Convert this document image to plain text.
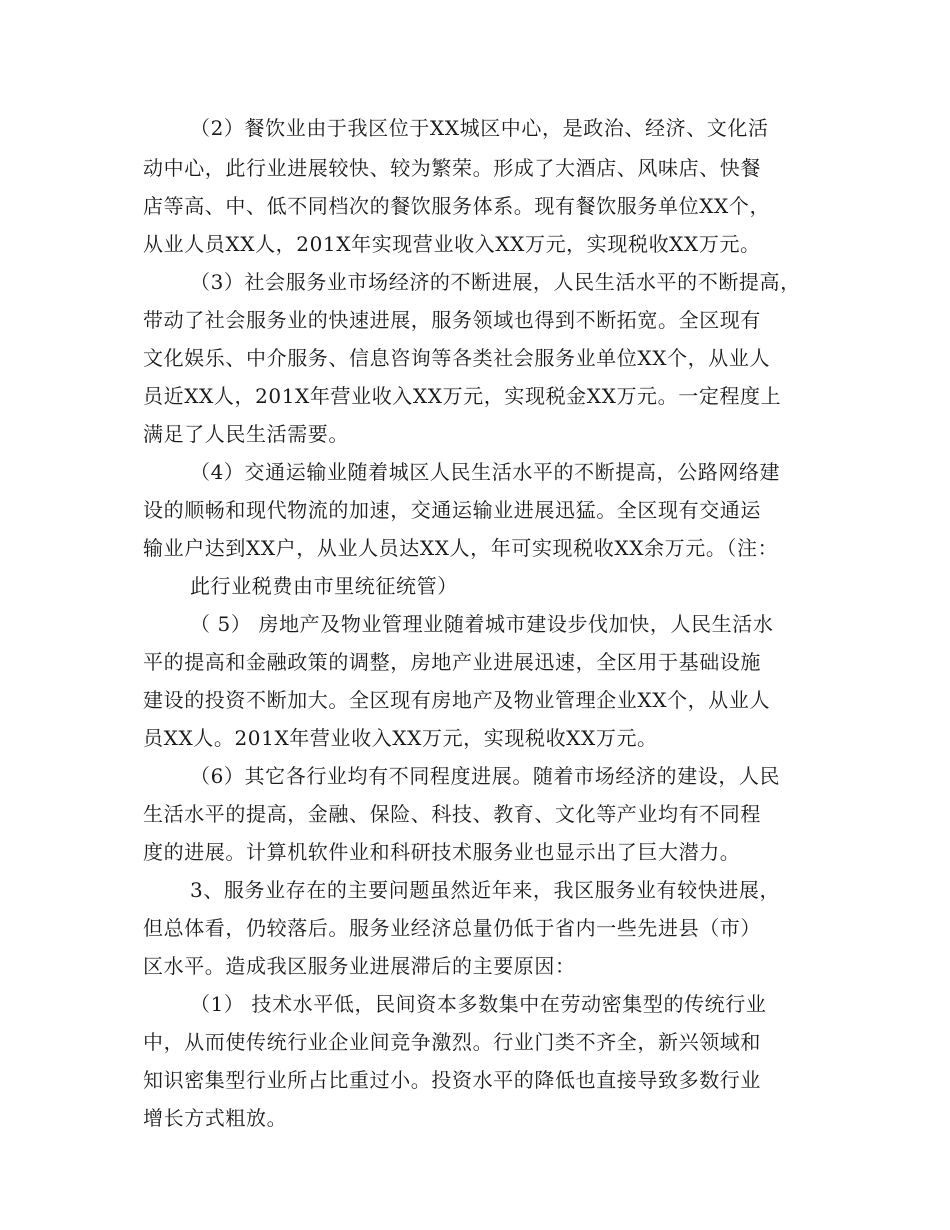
（2）餐饮业由于我区位于XX城区中心，是政治、经济、文化活
动中心，此行业进展较快、较为繁荣。形成了大酒店、风味店、快餐
店等高、中、低不同档次的餐饮服务体系。现有餐饮服务单位XX个，
从业人员XX人，201X年实现营业收入XX万元，实现税收XX万元。
（3）社会服务业市场经济的不断进展，人民生活水平的不断提高，
带动了社会服务业的快速进展，服务领域也得到不断拓宽。全区现有
文化娱乐、中介服务、信息咨询等各类社会服务业单位XX个，从业人
员近XX人，201X年营业收入XX万元，实现税金XX万元。一定程度上
满足了人民生活需要。
（4）交通运输业随着城区人民生活水平的不断提高，公路网络建
设的顺畅和现代物流的加速，交通运输业进展迅猛。全区现有交通运
输业户达到XX户，从业人员达XX人，年可实现税收XX余万元。（注：
此行业税费由市里统征统管）
（ 5） 房地产及物业管理业随着城市建设步伐加快，人民生活水
平的提高和金融政策的调整，房地产业进展迅速，全区用于基础设施
建设的投资不断加大。全区现有房地产及物业管理企业XX个，从业人
员XX人。201X年营业收入XX万元，实现税收XX万元。
（6）其它各行业均有不同程度进展。随着市场经济的建设，人民
生活水平的提高，金融、保险、科技、教育、文化等产业均有不同程
度的进展。计算机软件业和科研技术服务业也显示出了巨大潜力。
3、服务业存在的主要问题虽然近年来，我区服务业有较快进展，
但总体看，仍较落后。服务业经济总量仍低于省内一些先进县（市）
区水平。造成我区服务业进展滞后的主要原因：
（1） 技术水平低，民间资本多数集中在劳动密集型的传统行业
中，从而使传统行业企业间竞争激烈。行业门类不齐全，新兴领域和
知识密集型行业所占比重过小。投资水平的降低也直接导致多数行业
增长方式粗放。
